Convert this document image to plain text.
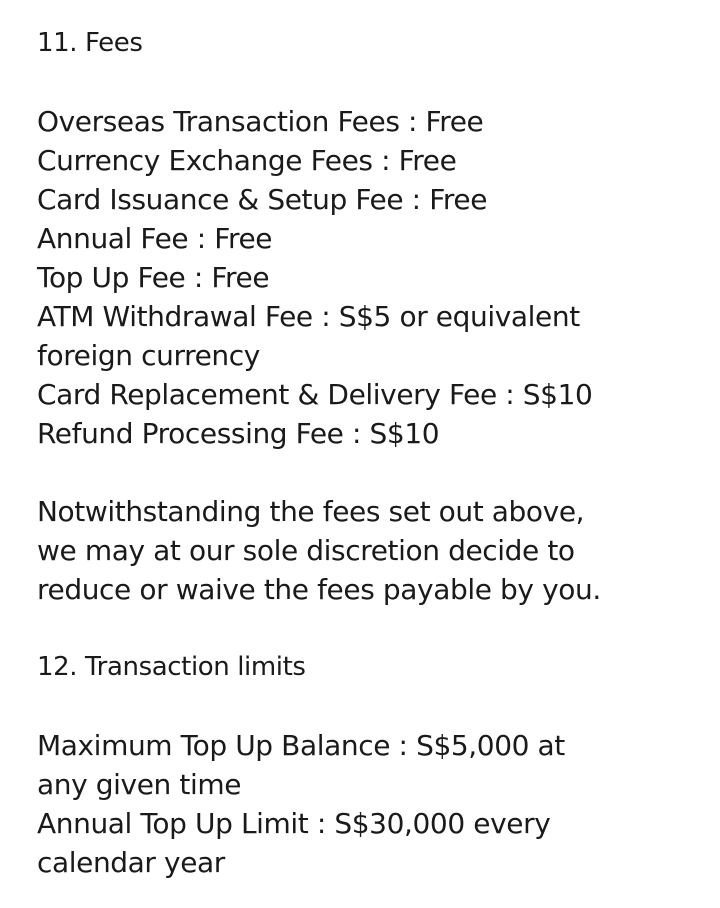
11. Fees
Overseas Transaction Fees : Free
Currency Exchange Fees : Free
Card Issuance & Setup Fee : Free
Annual Fee : Free
Top Up Fee : Free
ATM Withdrawal Fee : S$5 or equivalent
foreign currency
Card Replacement & Delivery Fee : S$10
Refund Processing Fee : S$10
Notwithstanding the fees set out above,
we may at our sole discretion decide to
reduce or waive the fees payable by you.
12. Transaction limits
Maximum Top Up Balance : S$5,000 at
any given time
Annual Top Up Limit : S$30,000 every
calendar year
